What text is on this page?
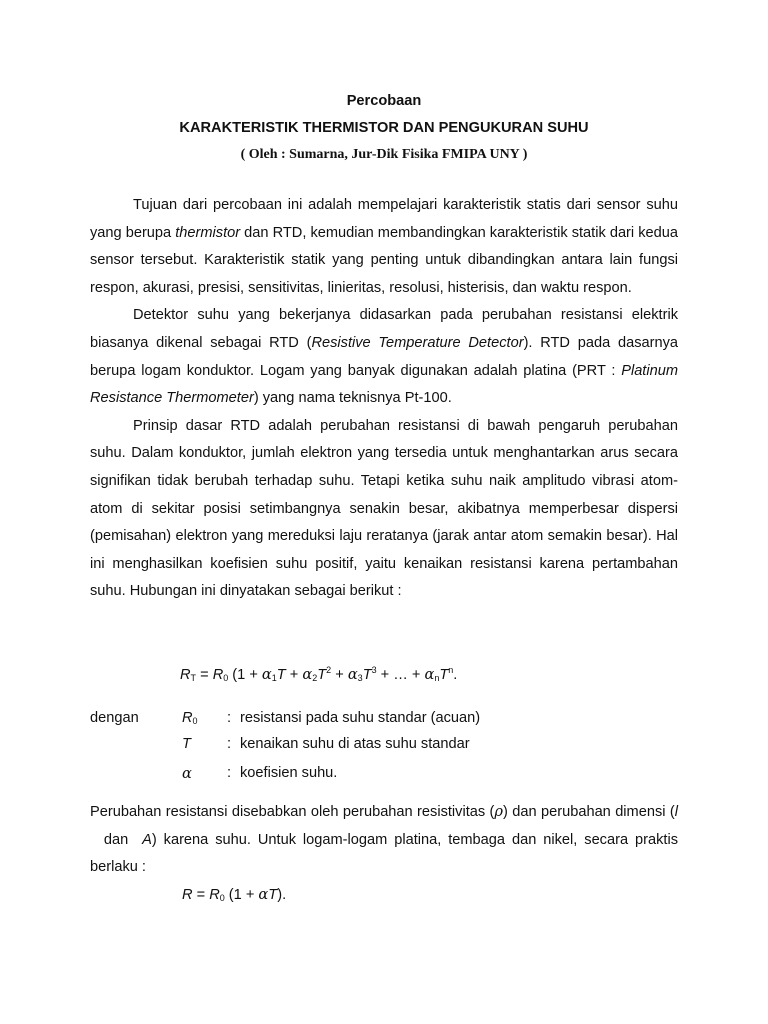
Percobaan
KARAKTERISTIK THERMISTOR DAN PENGUKURAN SUHU
( Oleh : Sumarna, Jur-Dik Fisika FMIPA UNY )

Tujuan dari percobaan ini adalah mempelajari karakteristik statis dari sensor suhu yang berupa thermistor dan RTD, kemudian membandingkan karakteristik statik dari kedua sensor tersebut. Karakteristik statik yang penting untuk dibandingkan antara lain fungsi respon, akurasi, presisi, sensitivitas, linieritas, resolusi, histerisis, dan waktu respon.

Detektor suhu yang bekerjanya didasarkan pada perubahan resistansi elektrik biasanya dikenal sebagai RTD (Resistive Temperature Detector). RTD pada dasarnya berupa logam konduktor. Logam yang banyak digunakan adalah platina (PRT : Platinum Resistance Thermometer) yang nama teknisnya Pt-100.

Prinsip dasar RTD adalah perubahan resistansi di bawah pengaruh perubahan suhu. Dalam konduktor, jumlah elektron yang tersedia untuk menghantarkan arus secara signifikan tidak berubah terhadap suhu. Tetapi ketika suhu naik amplitudo vibrasi atom-atom di sekitar posisi setimbangnya senakin besar, akibatnya memperbesar dispersi (pemisahan) elektron yang mereduksi laju reratanya (jarak antar atom semakin besar). Hal ini menghasilkan koefisien suhu positif, yaitu kenaikan resistansi karena pertambahan suhu. Hubungan ini dinyatakan sebagai berikut :

$R_T = R_0$ ($1 + \alpha_1T + \alpha_2T^2 + \alpha_3T^3$ + … + $\alpha_nT^n$.
dengan	$R_0$ : resistansi pada suhu standar (acuan)
T : kenaikan suhu di atas suhu standar
α : koefisien suhu.
Perubahan resistansi disebabkan oleh perubahan resistivitas (ρ) dan perubahan dimensi (l  dan  A) karena suhu. Untuk logam-logam platina, tembaga dan nikel, secara praktis berlaku :
$R = R_0$ (1 + αT).
